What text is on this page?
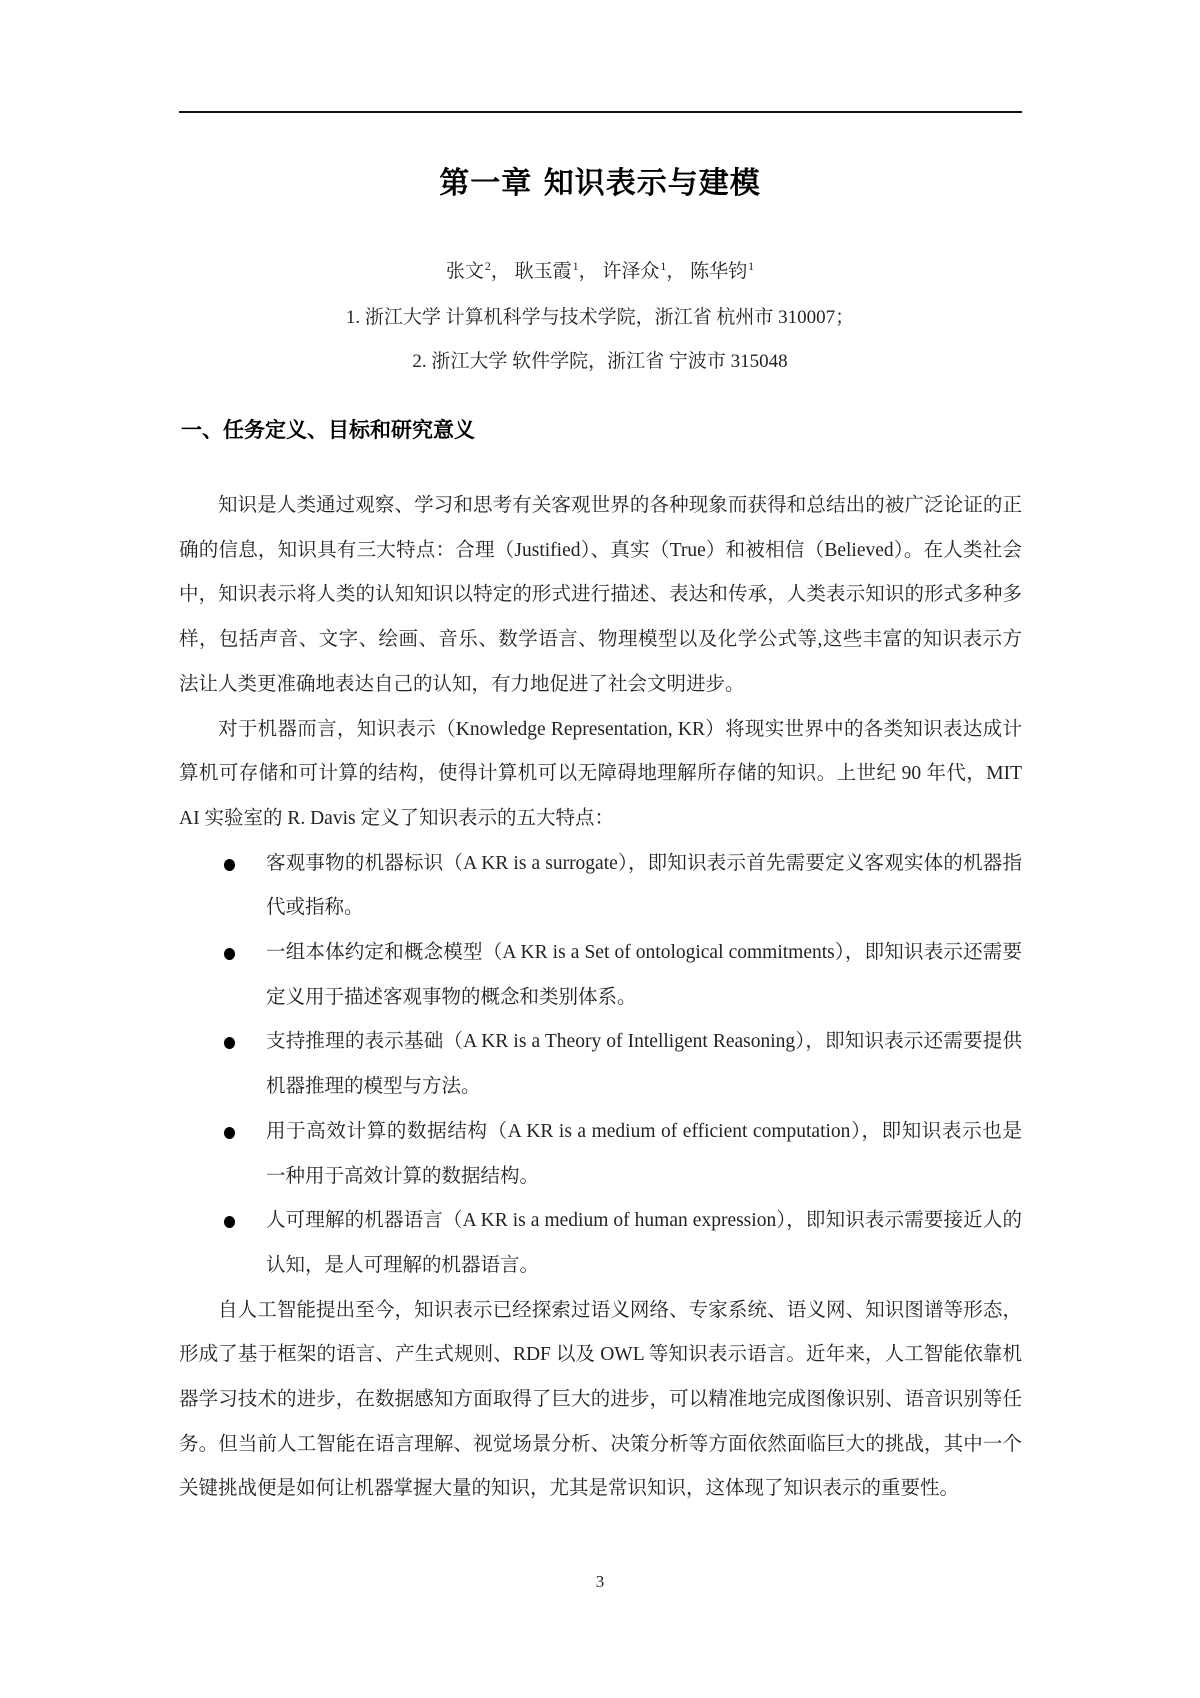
第一章 知识表示与建模
张文$^2$， 耿玉霞$^1$， 许泽众$^1$， 陈华钧$^1$
1. 浙江大学 计算机科学与技术学院，浙江省 杭州市 310007；
2. 浙江大学 软件学院，浙江省 宁波市 315048
一、任务定义、目标和研究意义

知识是人类通过观察、学习和思考有关客观世界的各种现象而获得和总结出的被广泛论证的正确的信息，知识具有三大特点：合理（Justified）、真实（True）和被相信（Believed）。在人类社会中，知识表示将人类的认知知识以特定的形式进行描述、表达和传承，人类表示知识的形式多种多样，包括声音、文字、绘画、音乐、数学语言、物理模型以及化学公式等,这些丰富的知识表示方法让人类更准确地表达自己的认知，有力地促进了社会文明进步。

对于机器而言，知识表示（Knowledge Representation, KR）将现实世界中的各类知识表达成计算机可存储和可计算的结构，使得计算机可以无障碍地理解所存储的知识。上世纪 90 年代，MIT AI 实验室的 R. Davis 定义了知识表示的五大特点：

客观事物的机器标识（A KR is a surrogate），即知识表示首先需要定义客观实体的机器指代或指称。
一组本体约定和概念模型（A KR is a Set of ontological commitments），即知识表示还需要定义用于描述客观事物的概念和类别体系。
支持推理的表示基础（A KR is a Theory of Intelligent Reasoning），即知识表示还需要提供机器推理的模型与方法。
用于高效计算的数据结构（A KR is a medium of efficient computation），即知识表示也是一种用于高效计算的数据结构。
人可理解的机器语言（A KR is a medium of human expression），即知识表示需要接近人的认知，是人可理解的机器语言。

自人工智能提出至今，知识表示已经探索过语义网络、专家系统、语义网、知识图谱等形态，形成了基于框架的语言、产生式规则、RDF 以及 OWL 等知识表示语言。近年来，人工智能依靠机器学习技术的进步，在数据感知方面取得了巨大的进步，可以精准地完成图像识别、语音识别等任务。但当前人工智能在语言理解、视觉场景分析、决策分析等方面依然面临巨大的挑战，其中一个关键挑战便是如何让机器掌握大量的知识，尤其是常识知识，这体现了知识表示的重要性。

3
